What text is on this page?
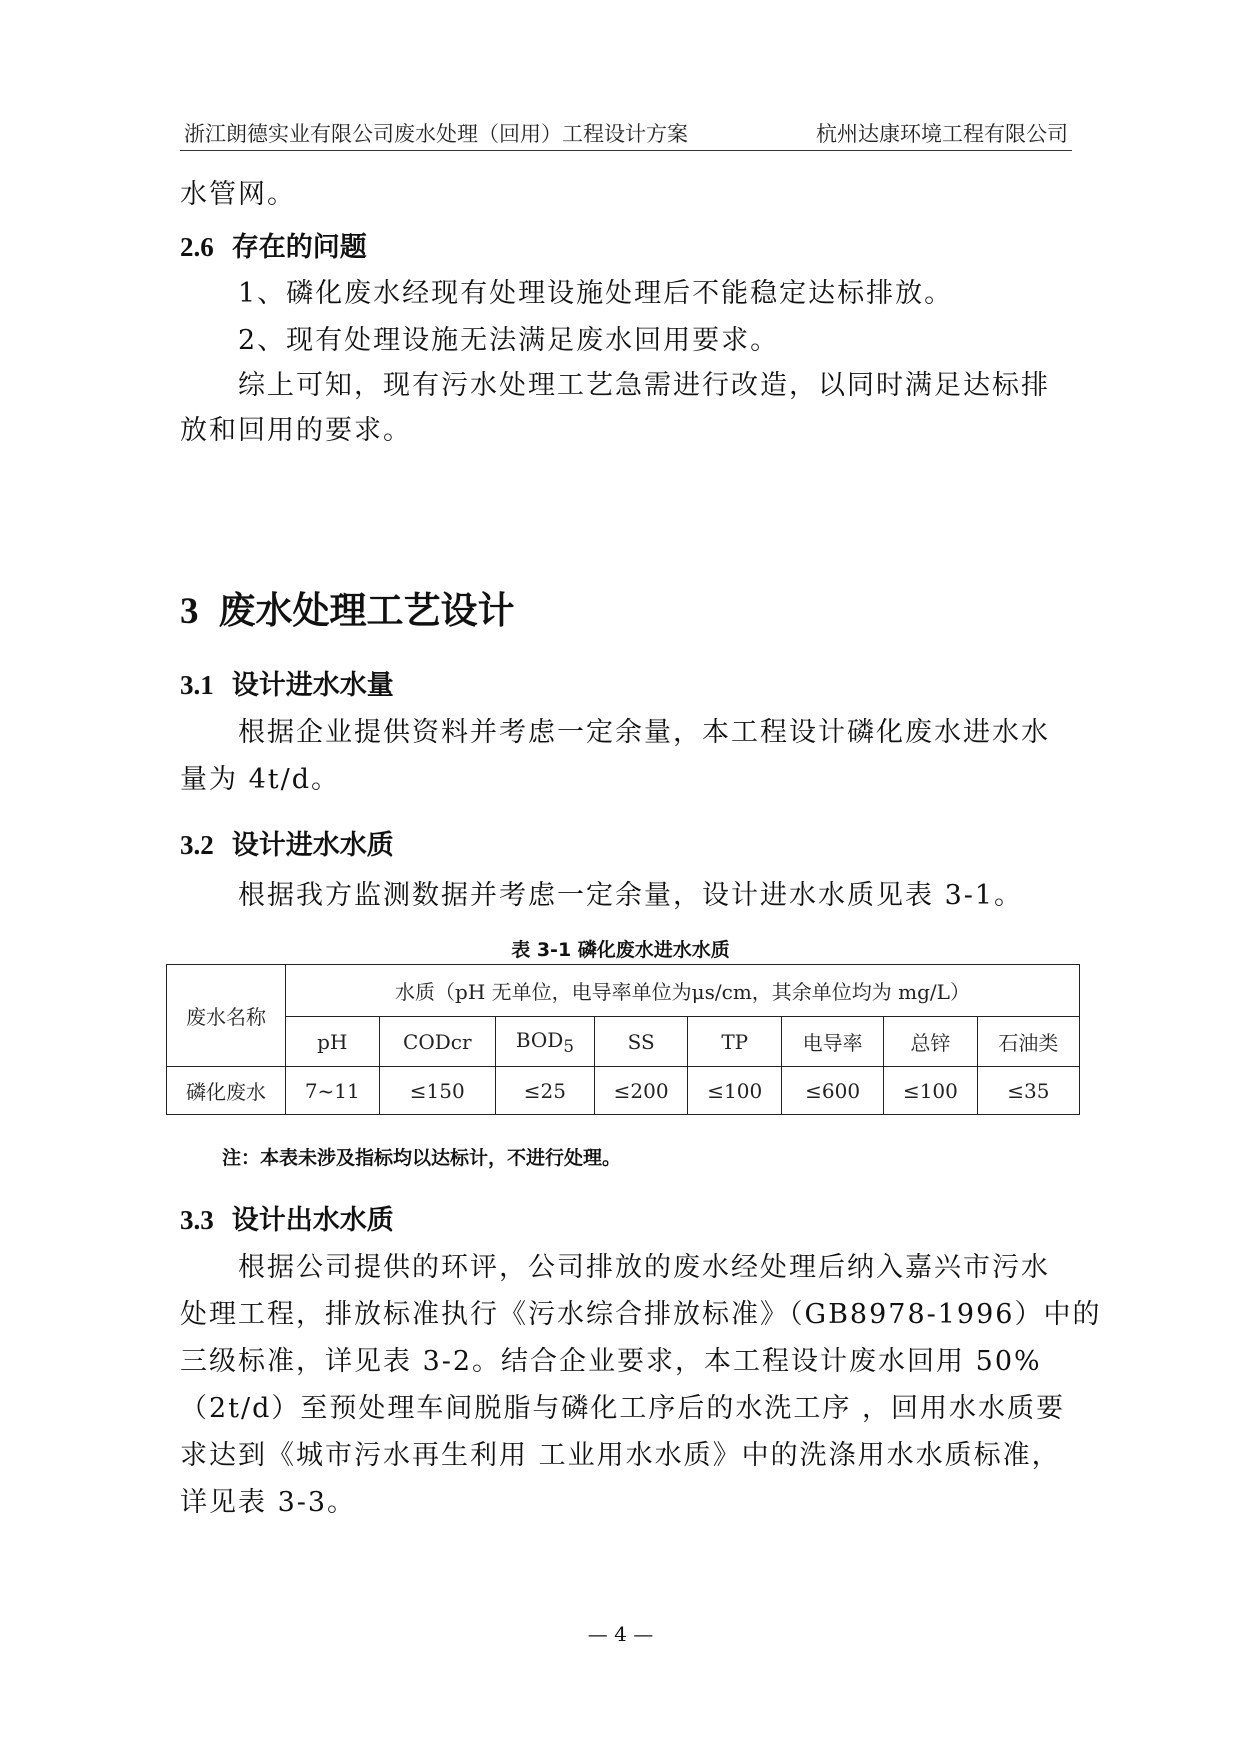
浙江朗德实业有限公司废水处理（回用）工程设计方案	杭州达康环境工程有限公司
水管网。
2.6 存在的问题
1、磷化废水经现有处理设施处理后不能稳定达标排放。
2、现有处理设施无法满足废水回用要求。
综上可知，现有污水处理工艺急需进行改造，以同时满足达标排
放和回用的要求。
3 废水处理工艺设计
3.1 设计进水水量
根据企业提供资料并考虑一定余量，本工程设计磷化废水进水水
量为 4t/d。
3.2 设计进水水质
根据我方监测数据并考虑一定余量，设计进水水质见表 3-1。
表 3-1 磷化废水进水水质
废水名称	水质（pH 无单位，电导率单位为μs/cm，其余单位均为 mg/L）							
	pH	CODcr	$BOD_5$	SS	TP	电导率	总锌	石油类
磷化废水	7~11	≤150	≤25	≤200	≤100	≤600	≤100	≤35
注：本表未涉及指标均以达标计，不进行处理。
3.3 设计出水水质
根据公司提供的环评，公司排放的废水经处理后纳入嘉兴市污水
处理工程，排放标准执行《污水综合排放标准》（GB8978-1996）中的
三级标准，详见表 3-2。结合企业要求，本工程设计废水回用 50%
（2t/d）至预处理车间脱脂与磷化工序后的水洗工序 ，回用水水质要
求达到《城市污水再生利用 工业用水水质》中的洗涤用水水质标准，
详见表 3-3。
— 4 —
